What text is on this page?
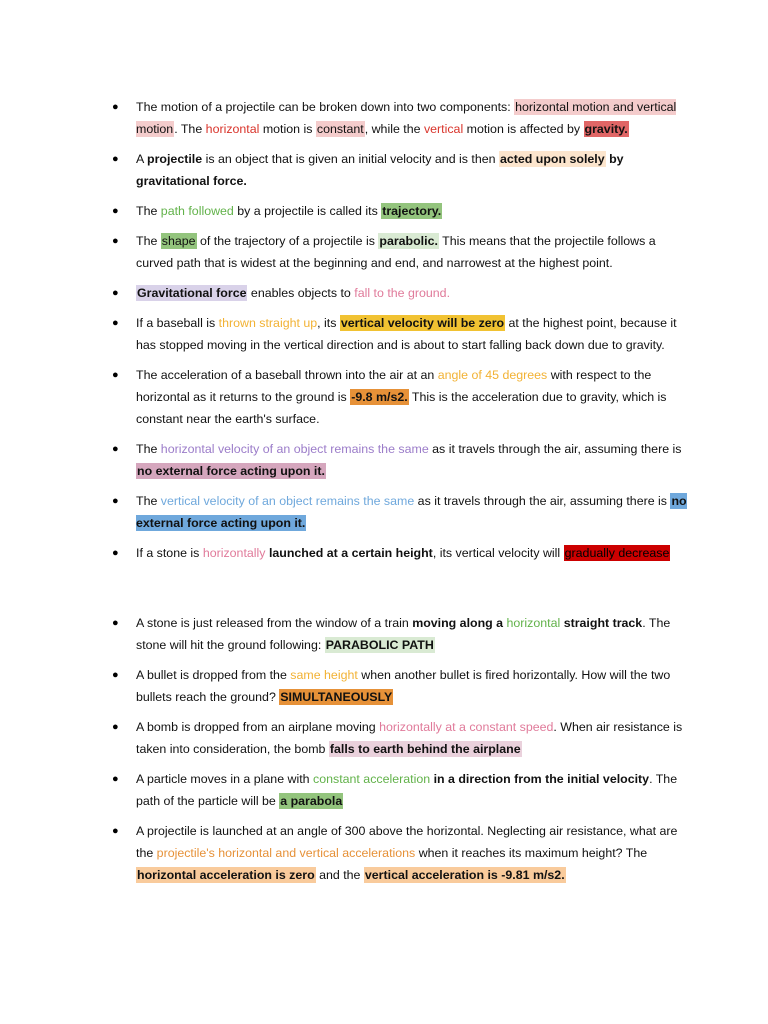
● The motion of a projectile can be broken down into two components: horizontal motion and vertical motion. The horizontal motion is constant, while the vertical motion is affected by gravity.
● A projectile is an object that is given an initial velocity and is then acted upon solely by gravitational force.
● The path followed by a projectile is called its trajectory.
● The shape of the trajectory of a projectile is parabolic. This means that the projectile follows a curved path that is widest at the beginning and end, and narrowest at the highest point.
● Gravitational force enables objects to fall to the ground.
● If a baseball is thrown straight up, its vertical velocity will be zero at the highest point, because it has stopped moving in the vertical direction and is about to start falling back down due to gravity.
● The acceleration of a baseball thrown into the air at an angle of 45 degrees with respect to the horizontal as it returns to the ground is -9.8 m/s2. This is the acceleration due to gravity, which is constant near the earth's surface.
● The horizontal velocity of an object remains the same as it travels through the air, assuming there is no external force acting upon it.
● The vertical velocity of an object remains the same as it travels through the air, assuming there is no external force acting upon it.
● If a stone is horizontally launched at a certain height, its vertical velocity will gradually decrease
● A stone is just released from the window of a train moving along a horizontal straight track. The stone will hit the ground following: PARABOLIC PATH
● A bullet is dropped from the same height when another bullet is fired horizontally. How will the two bullets reach the ground? SIMULTANEOUSLY
● A bomb is dropped from an airplane moving horizontally at a constant speed. When air resistance is taken into consideration, the bomb falls to earth behind the airplane
● A particle moves in a plane with constant acceleration in a direction from the initial velocity. The path of the particle will be a parabola
● A projectile is launched at an angle of 300 above the horizontal. Neglecting air resistance, what are the projectile's horizontal and vertical accelerations when it reaches its maximum height? The horizontal acceleration is zero and the vertical acceleration is -9.81 m/s2.
